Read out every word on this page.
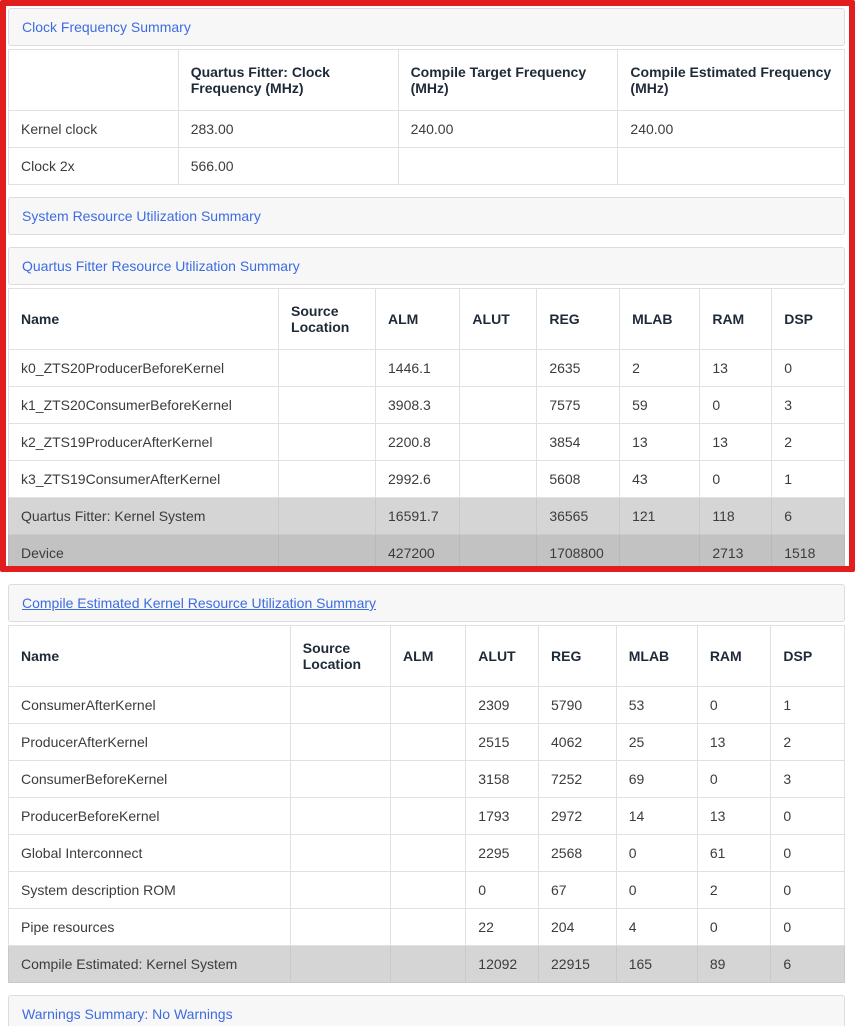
Clock Frequency Summary
	Quartus Fitter: Clock Frequency (MHz)	Compile Target Frequency (MHz)	Compile Estimated Frequency (MHz)
Kernel clock	283.00	240.00	240.00
Clock 2x	566.00		
System Resource Utilization Summary
Quartus Fitter Resource Utilization Summary
Name	Source Location	ALM	ALUT	REG	MLAB	RAM	DSP
k0_ZTS20ProducerBeforeKernel		1446.1		2635	2	13	0
k1_ZTS20ConsumerBeforeKernel		3908.3		7575	59	0	3
k2_ZTS19ProducerAfterKernel		2200.8		3854	13	13	2
k3_ZTS19ConsumerAfterKernel		2992.6		5608	43	0	1
Quartus Fitter: Kernel System		16591.7		36565	121	118	6
Device		427200		1708800		2713	1518
Compile Estimated Kernel Resource Utilization Summary
Name	Source Location	ALM	ALUT	REG	MLAB	RAM	DSP
ConsumerAfterKernel			2309	5790	53	0	1
ProducerAfterKernel			2515	4062	25	13	2
ConsumerBeforeKernel			3158	7252	69	0	3
ProducerBeforeKernel			1793	2972	14	13	0
Global Interconnect			2295	2568	0	61	0
System description ROM			0	67	0	2	0
Pipe resources			22	204	4	0	0
Compile Estimated: Kernel System			12092	22915	165	89	6
Warnings Summary: No Warnings
